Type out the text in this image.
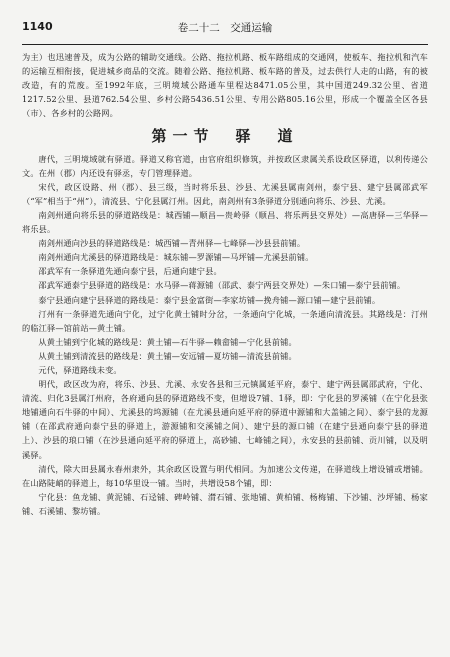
1140	卷二十二　交通运输

为主）也迅速普及，成为公路的辅助交通线。公路、拖拉机路、板车路组成的交通网，使板车、拖拉机和汽车的运输互相衔接，促进城乡商品的交流。随着公路、拖拉机路、板车路的普及，过去供行人走的山路，有的被改造，有的荒废。至1992年底，三明境域公路通车里程达8471.05公里，其中国道249.32公里、省道1217.52公里、县道762.54公里、乡村公路5436.51公里、专用公路805.16公里，形成一个覆盖全区各县（市）、各乡村的公路网。

第一节　驿　道

唐代，三明境域就有驿道。驿道又称官道，由官府组织修筑，并按政区隶属关系设政区驿道，以利传递公文。在州（郡）内还设有驿丞，专门管理驿道。

宋代，政区设路、州（郡）、县三级，当时将乐县、沙县、尤溪县属南剑州，泰宁县、建宁县属邵武军（“军”相当于“州”），清流县、宁化县属汀州。因此，南剑州有3条驿道分别通向将乐、沙县、尤溪。

南剑州通向将乐县的驿道路线是：城西铺—顺昌—贵岭驿（顺昌、将乐两县交界处）—高唐驿—三华驿—将乐县。

南剑州通向沙县的驿道路线是：城西铺—青州驿—七峰驿—沙县县前铺。

南剑州通向尤溪县的驿道路线是：城东铺—罗源铺—马坪铺—尤溪县前铺。

邵武军有一条驿道先通向泰宁县，后通向建宁县。

邵武军通泰宁县驿道的路线是：水马驿—蒋源铺（邵武、泰宁两县交界处）—朱口铺—泰宁县前铺。

泰宁县通向建宁县驿道的路线是：泰宁县金富街—李家坊铺—挽舟铺—源口铺—建宁县前铺。

汀州有一条驿道先通向宁化，过宁化黄土铺时分岔，一条通向宁化城，一条通向清流县。其路线是：汀州的临江驿—馆前站—黄土铺。

从黄土铺到宁化城的路线是：黄土铺—石牛驿—赖畲铺—宁化县前铺。

从黄土铺到清流县的路线是：黄土铺—安远铺—夏坊铺—清流县前铺。

元代，驿道路线未变。

明代，政区改为府，将乐、沙县、尤溪、永安各县和三元镇属延平府，泰宁、建宁两县属邵武府，宁化、清流、归化3县属汀州府，各府通向县的驿道路线不变，但增设7铺、1驿，即：宁化县的罗溪铺（在宁化县张地铺通向石牛驿的中间）、尤溪县的坞源铺（在尤溪县通向延平府的驿道中源铺和大盖铺之间）、泰宁县的龙源铺（在邵武府通向泰宁县的驿道上，游源铺和交溪铺之间）、建宁县的源口铺（在建宁县通向泰宁县的驿道上）、沙县的琅口铺（在沙县通向延平府的驿道上，高砂铺、七峰铺之间），永安县的县前铺、贡川铺，以及明溪驿。

清代，除大田县属永春州隶外，其余政区设置与明代相同。为加速公文传递，在驿道线上增设铺或增铺。在山路陡峭的驿道上，每10华里设一铺。当时，共增设58个铺，即：

宁化县：鱼龙铺、黄泥铺、石迳铺、碑岭铺、潸石铺、张地铺、黄柏铺、杨梅铺、下沙铺、沙坪铺、杨家铺、石溪铺、黎坊铺。
